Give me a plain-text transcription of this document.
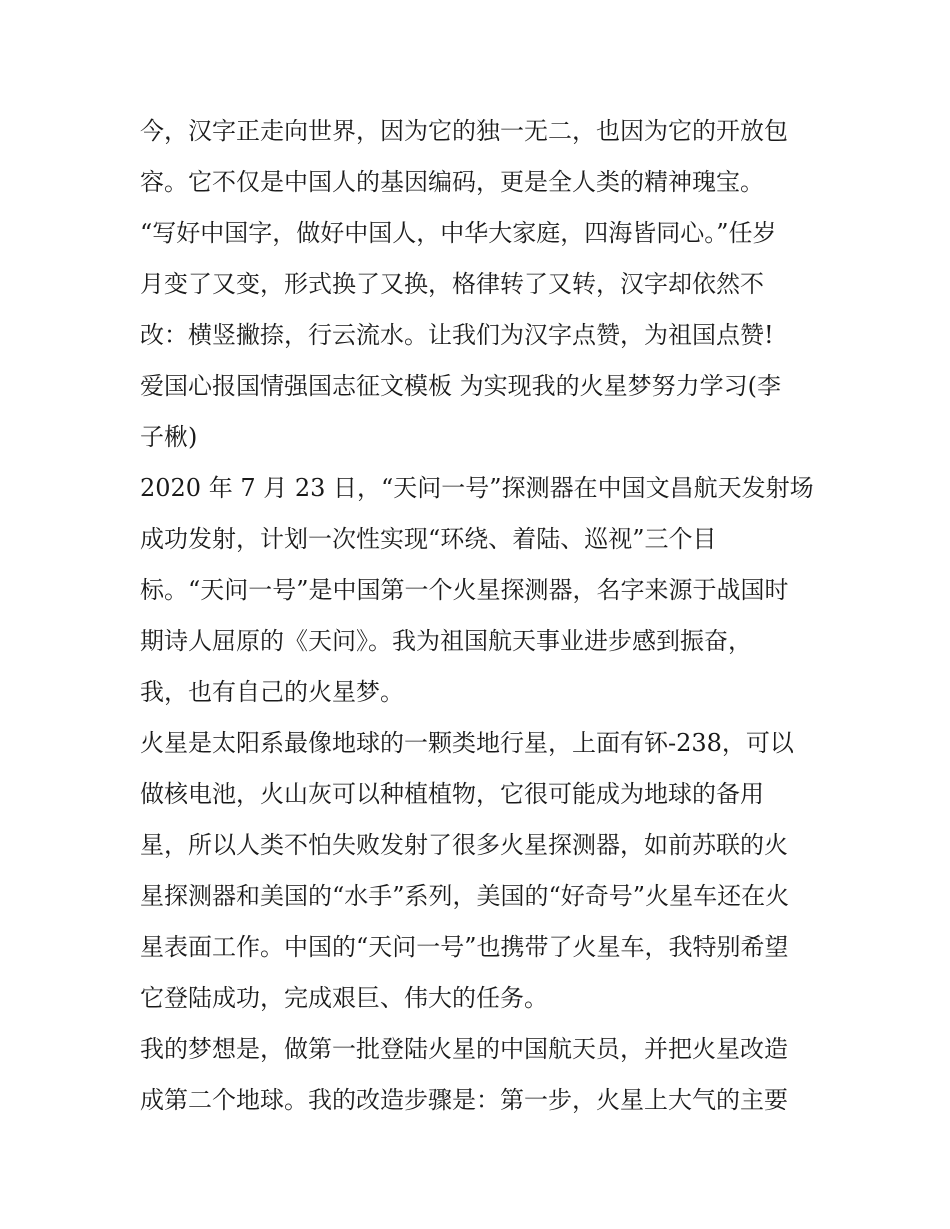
今，汉字正走向世界，因为它的独一无二，也因为它的开放包
容。它不仅是中国人的基因编码，更是全人类的精神瑰宝。
“写好中国字，做好中国人，中华大家庭，四海皆同心。”任岁
月变了又变，形式换了又换，格律转了又转，汉字却依然不
改：横竖撇捺，行云流水。让我们为汉字点赞，为祖国点赞!
爱国心报国情强国志征文模板 为实现我的火星梦努力学习(李
子楸)
2020 年 7 月 23 日，“天问一号”探测器在中国文昌航天发射场
成功发射，计划一次性实现“环绕、着陆、巡视”三个目
标。“天问一号”是中国第一个火星探测器，名字来源于战国时
期诗人屈原的《天问》。我为祖国航天事业进步感到振奋，
我，也有自己的火星梦。
火星是太阳系最像地球的一颗类地行星，上面有钚-238，可以
做核电池，火山灰可以种植植物，它很可能成为地球的备用
星，所以人类不怕失败发射了很多火星探测器，如前苏联的火
星探测器和美国的“水手”系列，美国的“好奇号”火星车还在火
星表面工作。中国的“天问一号”也携带了火星车，我特别希望
它登陆成功，完成艰巨、伟大的任务。
我的梦想是，做第一批登陆火星的中国航天员，并把火星改造
成第二个地球。我的改造步骤是：第一步，火星上大气的主要
